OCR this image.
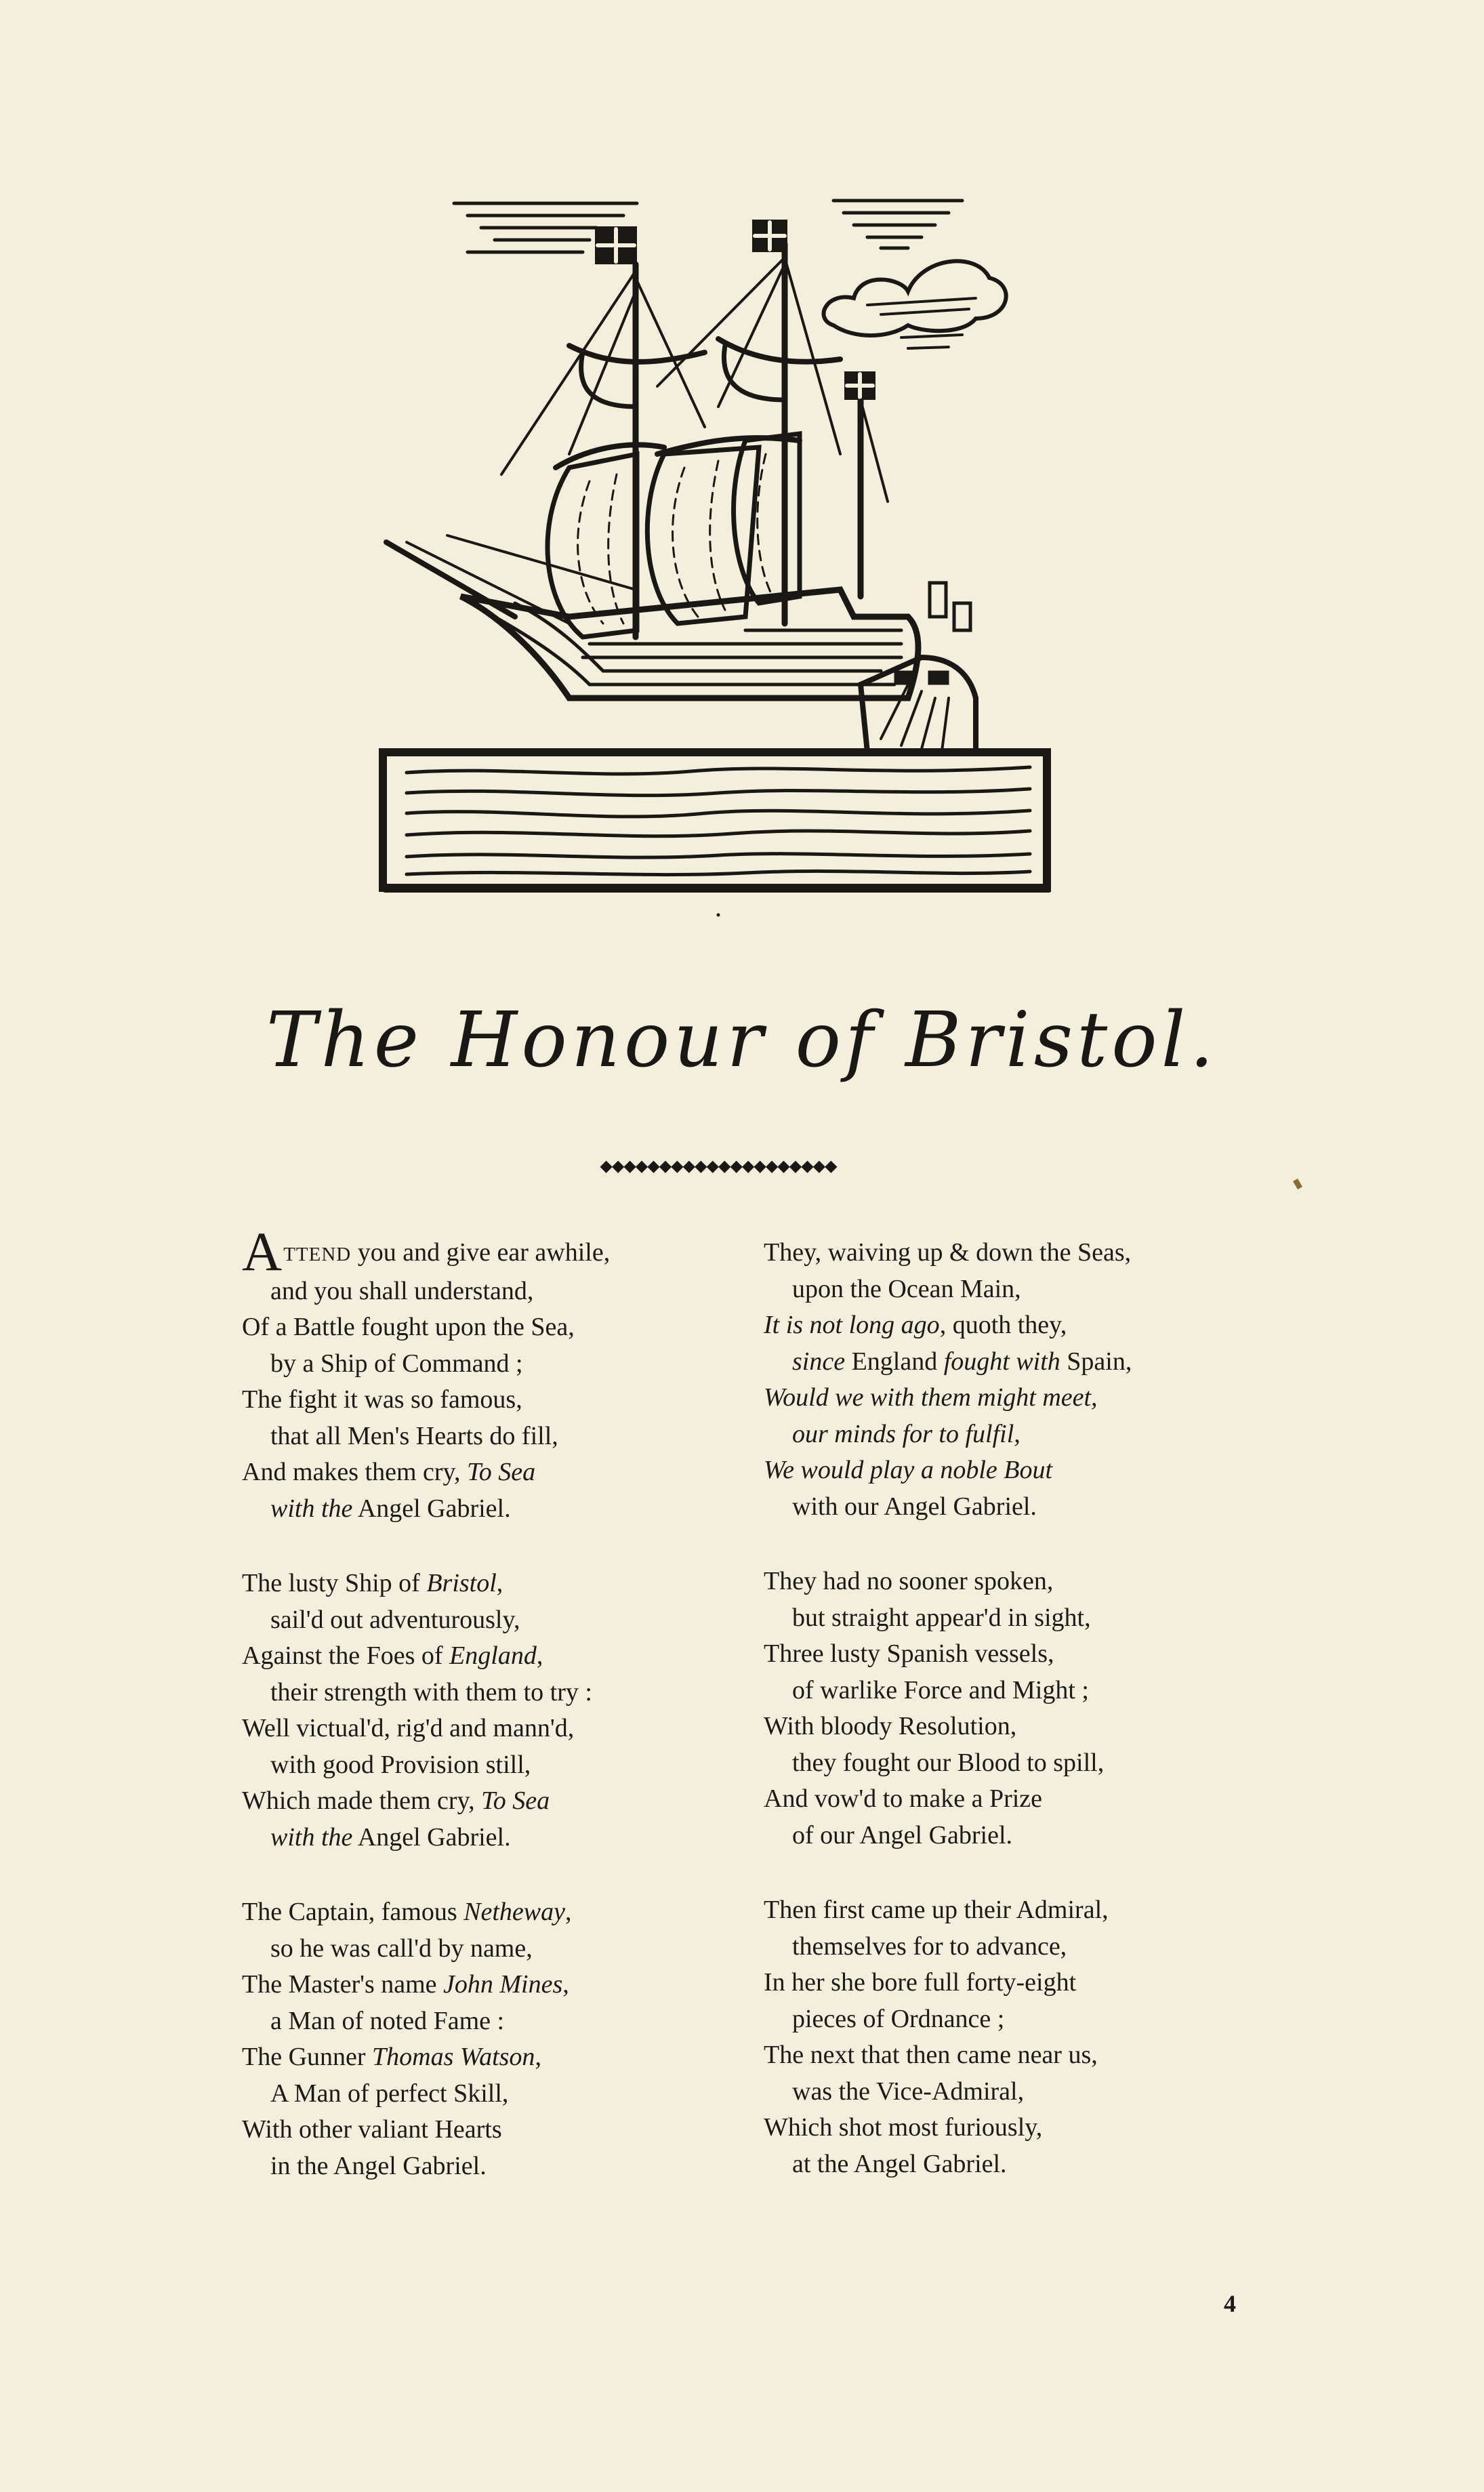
The Honour of Bristol.
◆◆◆◆◆◆◆◆◆◆◆◆◆◆◆◆◆◆◆◆
ATTEND you and give ear awhile,
and you shall understand,
Of a Battle fought upon the Sea,
by a Ship of Command ;
The fight it was so famous,
that all Men's Hearts do fill,
And makes them cry, To Sea
with the Angel Gabriel.
The lusty Ship of Bristol,
sail'd out adventurously,
Against the Foes of England,
their strength with them to try :
Well victual'd, rig'd and mann'd,
with good Provision still,
Which made them cry, To Sea
with the Angel Gabriel.
The Captain, famous Netheway,
so he was call'd by name,
The Master's name John Mines,
a Man of noted Fame :
The Gunner Thomas Watson,
A Man of perfect Skill,
With other valiant Hearts
in the Angel Gabriel.
They, waiving up & down the Seas,
upon the Ocean Main,
It is not long ago, quoth they,
since England fought with Spain,
Would we with them might meet,
our minds for to fulfil,
We would play a noble Bout
with our Angel Gabriel.
They had no sooner spoken,
but straight appear'd in sight,
Three lusty Spanish vessels,
of warlike Force and Might ;
With bloody Resolution,
they fought our Blood to spill,
And vow'd to make a Prize
of our Angel Gabriel.
Then first came up their Admiral,
themselves for to advance,
In her she bore full forty-eight
pieces of Ordnance ;
The next that then came near us,
was the Vice-Admiral,
Which shot most furiously,
at the Angel Gabriel.
4
